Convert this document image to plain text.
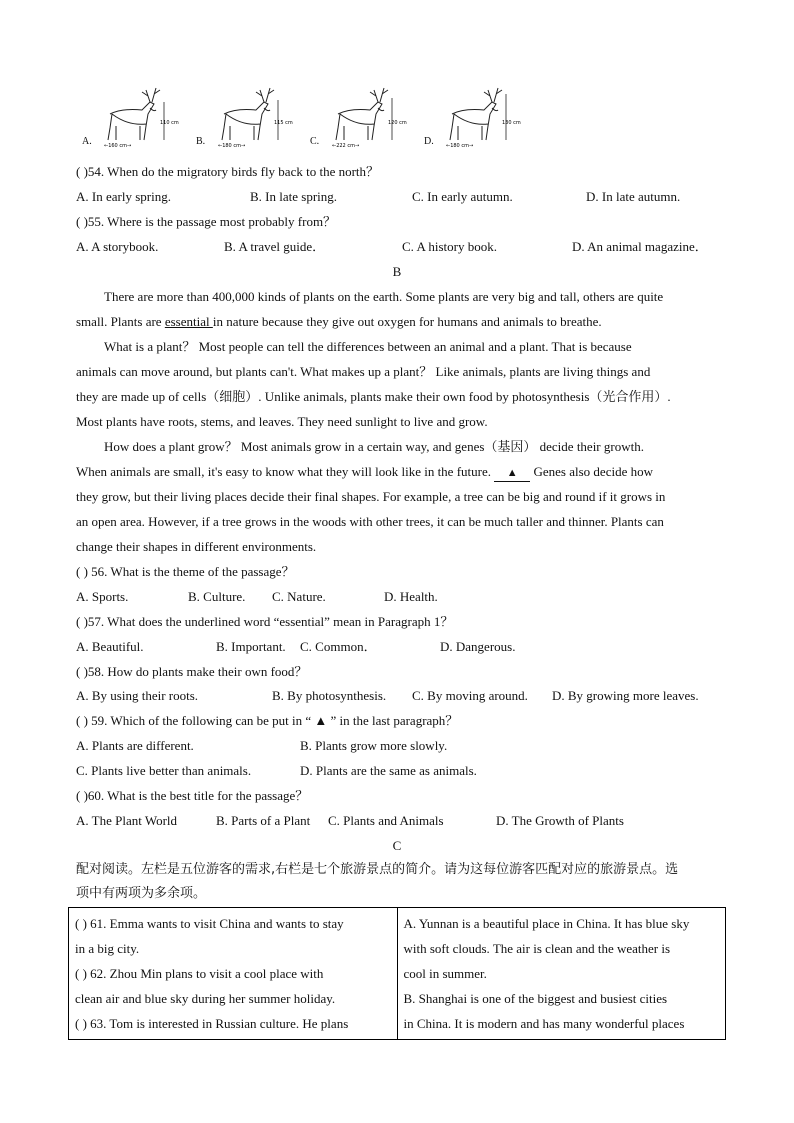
A.
110 cm
←160 cm→	B.
115 cm
←180 cm→	C.
120 cm
←222 cm→	D.
130 cm
←180 cm→
( )54. When do the migratory birds fly back to the north？
A. In early spring.	B. In late spring.	C. In early autumn.	D. In late autumn.
( )55. Where is the passage most probably from？
A. A storybook.	B. A travel guide．	C. A history book.	D. An animal magazine．
B
There are more than 400,000 kinds of plants on the earth. Some plants are very big and tall, others are quite
small. Plants are essential in nature because they give out oxygen for humans and animals to breathe.
What is a plant？ Most people can tell the differences between an animal and a plant. That is because
animals can move around, but plants can't. What makes up a plant？ Like animals, plants are living things and
they are made up of cells（细胞）. Unlike animals, plants make their own food by photosynthesis（光合作用）.
Most plants have roots, stems, and leaves. They need sunlight to live and grow.
How does a plant grow？ Most animals grow in a certain way, and genes（基因） decide their growth.
When animals are small, it's easy to know what they will look like in the future. ▲ Genes also decide how
they grow, but their living places decide their final shapes. For example, a tree can be big and round if it grows in
an open area. However, if a tree grows in the woods with other trees, it can be much taller and thinner. Plants can
change their shapes in different environments.
( ) 56. What is the theme of the passage？
A. Sports.	B. Culture. C. Nature.	D. Health.
( )57. What does the underlined word “essential” mean in Paragraph 1？
A. Beautiful.	B. Important. C. Common．	D. Dangerous.
( )58. How do plants make their own food？
A. By using their roots.	B. By photosynthesis. C. By moving around. D. By growing more leaves.
( ) 59. Which of the following can be put in “ ▲ ” in the last paragraph？
A. Plants are different.	B. Plants grow more slowly.
C. Plants live better than animals.	D. Plants are the same as animals.
( )60. What is the best title for the passage？
A. The Plant World	B. Parts of a Plant C. Plants and Animals	D. The Growth of Plants
C
配对阅读。左栏是五位游客的需求,右栏是七个旅游景点的简介。请为这每位游客匹配对应的旅游景点。选
项中有两项为多余项。
( ) 61. Emma wants to visit China and wants to stay
in a big city.
( ) 62. Zhou Min plans to visit a cool place with
clean air and blue sky during her summer holiday.
( ) 63. Tom is interested in Russian culture. He plans

A. Yunnan is a beautiful place in China. It has blue sky
with soft clouds. The air is clean and the weather is
cool in summer.
B. Shanghai is one of the biggest and busiest cities
in China. It is modern and has many wonderful places
